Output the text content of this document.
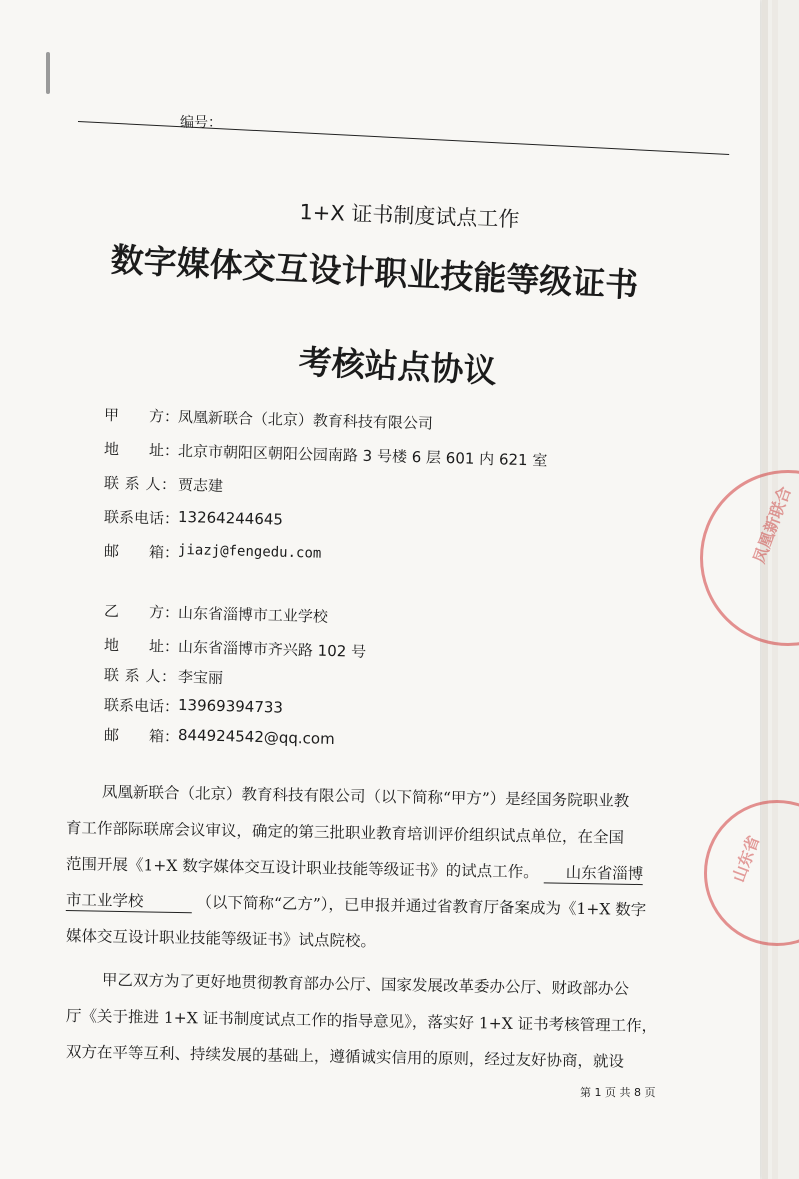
编号：
1+X 证书制度试点工作
数字媒体交互设计职业技能等级证书
考核站点协议
甲　　方：
凤凰新联合（北京）教育科技有限公司
地　　址：
北京市朝阳区朝阳公园南路 3 号楼 6 层 601 内 621 室
联 系 人： 贾志建
联系电话：
13264244645
邮　　箱：
jiazj@fengedu.com
乙　　方：
山东省淄博市工业学校
地　　址：
山东省淄博市齐兴路 102 号
联 系 人： 李宝丽
联系电话：
13969394733
邮　　箱：
844924542@qq.com
凤凰新联合（北京）教育科技有限公司（以下简称“甲方”）是经国务院职业教
育工作部际联席会议审议，确定的第三批职业教育培训评价组织试点单位，在全国
范围开展《1+X 数字媒体交互设计职业技能等级证书》的试点工作。 山东省淄博
市工业学校	（以下简称“乙方”），已申报并通过省教育厅备案成为《1+X 数字
媒体交互设计职业技能等级证书》试点院校。
甲乙双方为了更好地贯彻教育部办公厅、国家发展改革委办公厅、财政部办公
厅《关于推进 1+X 证书制度试点工作的指导意见》，落实好 1+X 证书考核管理工作，
双方在平等互利、持续发展的基础上，遵循诚实信用的原则，经过友好协商，就设
第 1 页 共 8 页
凤凰新联合
山东省
